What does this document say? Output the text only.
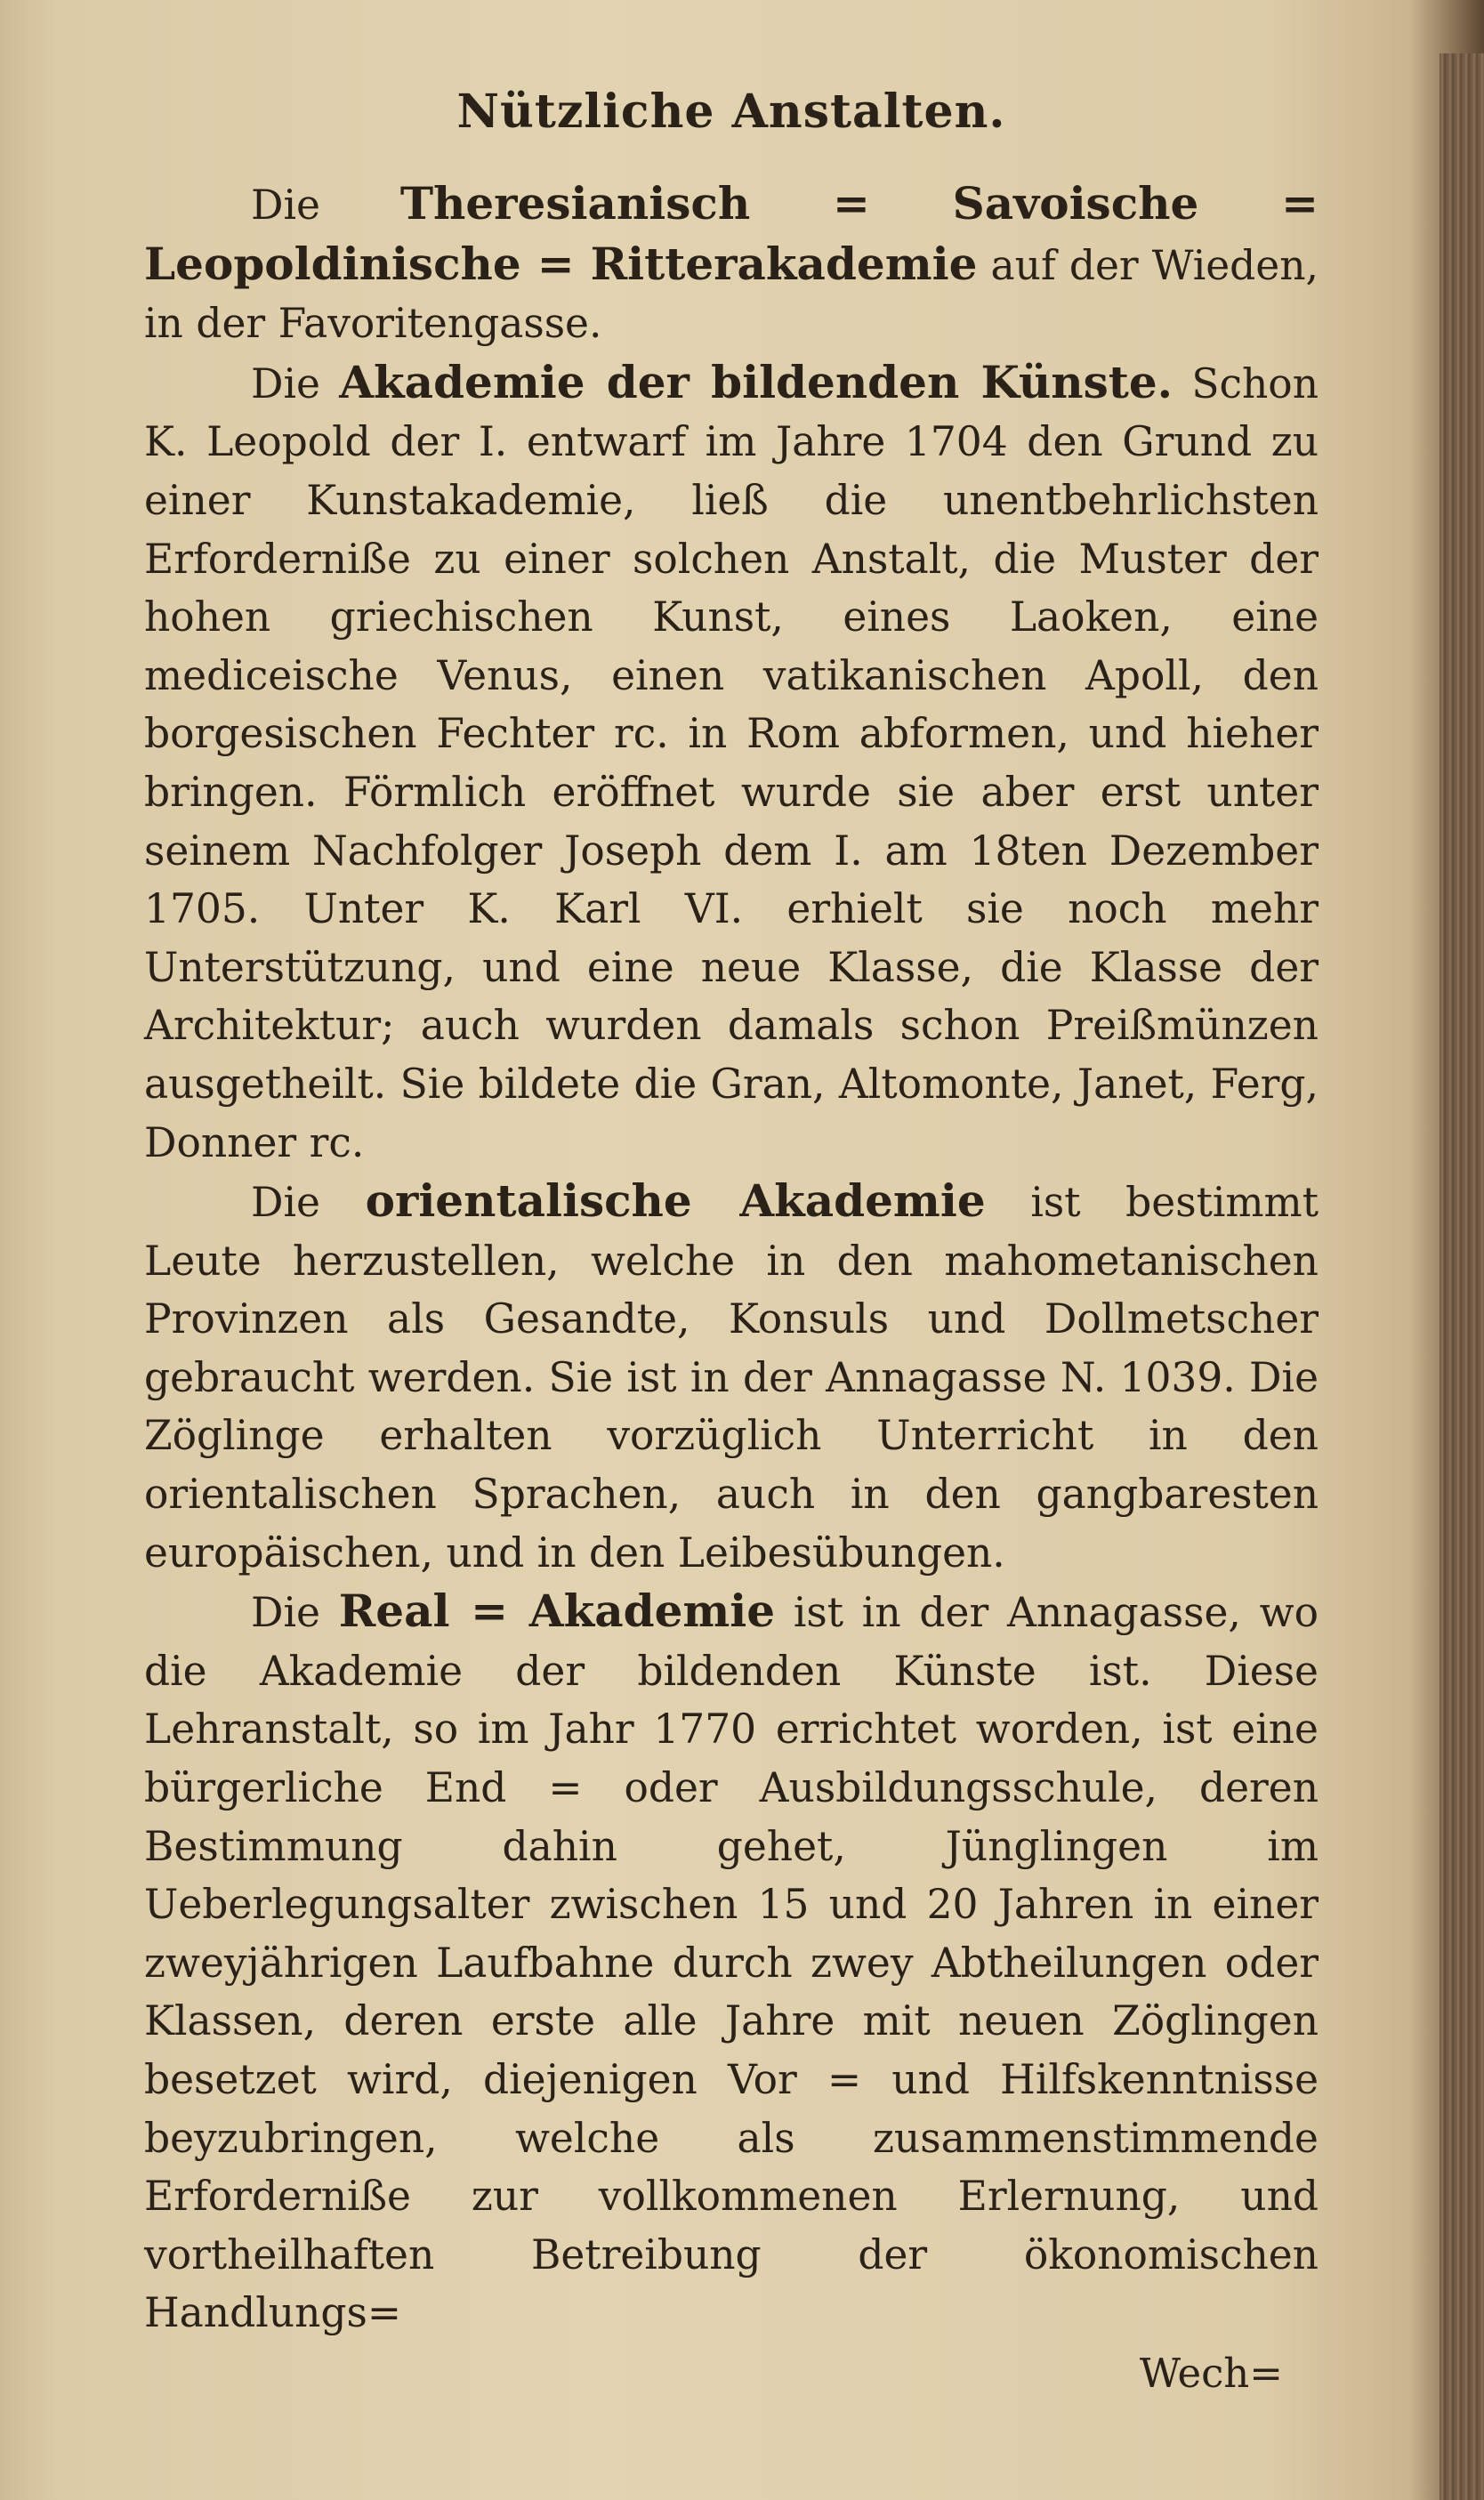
Nützliche Anstalten.

Die Theresianisch = Savoische = Leopoldinische = Ritterakademie auf der Wieden, in der Favoritengasse.

Die Akademie der bildenden Künste. Schon K. Leopold der I. entwarf im Jahre 1704 den Grund zu einer Kunstakademie, ließ die unentbehrlichsten Erforderniße zu einer solchen Anstalt, die Muster der hohen griechischen Kunst, eines Laoken, eine mediceische Venus, einen vatikanischen Apoll, den borgesischen Fechter rc. in Rom abformen, und hieher bringen. Förmlich eröffnet wurde sie aber erst unter seinem Nachfolger Joseph dem I. am 18ten Dezember 1705. Unter K. Karl VI. erhielt sie noch mehr Unterstützung, und eine neue Klasse, die Klasse der Architektur; auch wurden damals schon Preißmünzen ausgetheilt. Sie bildete die Gran, Altomonte, Janet, Ferg, Donner rc.

Die orientalische Akademie ist bestimmt Leute herzustellen, welche in den mahometanischen Provinzen als Gesandte, Konsuls und Dollmetscher gebraucht werden. Sie ist in der Annagasse N. 1039. Die Zöglinge erhalten vorzüglich Unterricht in den orientalischen Sprachen, auch in den gangbaresten europäischen, und in den Leibesübungen.

Die Real = Akademie ist in der Annagasse, wo die Akademie der bildenden Künste ist. Diese Lehranstalt, so im Jahr 1770 errichtet worden, ist eine bürgerliche End = oder Ausbildungsschule, deren Bestimmung dahin gehet, Jünglingen im Ueberlegungsalter zwischen 15 und 20 Jahren in einer zweyjährigen Laufbahne durch zwey Abtheilungen oder Klassen, deren erste alle Jahre mit neuen Zöglingen besetzet wird, diejenigen Vor = und Hilfskenntnisse beyzubringen, welche als zusammenstimmende Erforderniße zur vollkommenen Erlernung, und vortheilhaften Betreibung der ökonomischen Handlungs=

Wech=
